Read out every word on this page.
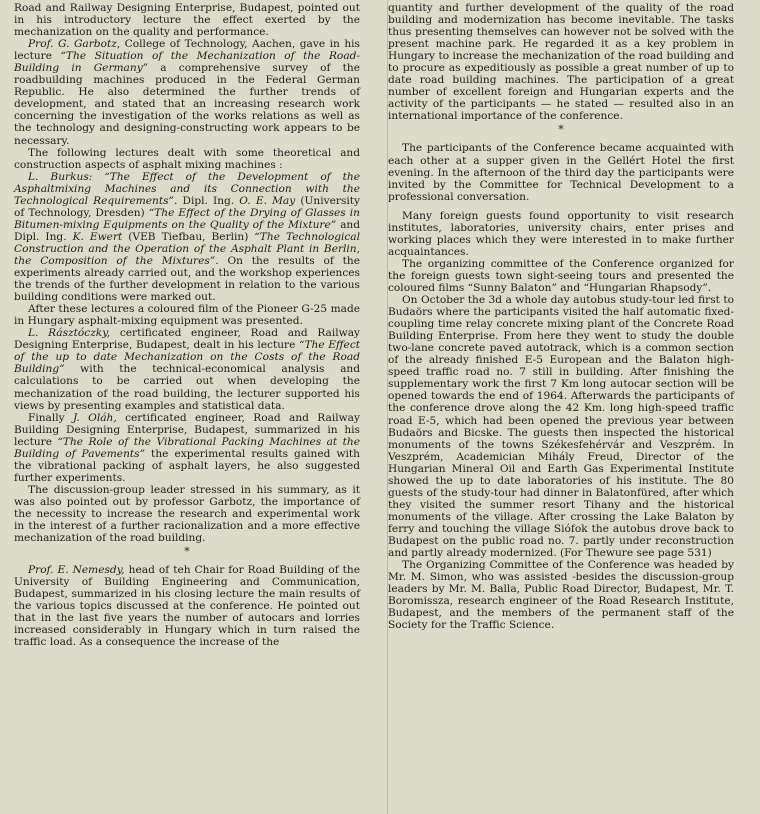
Road and Railway Designing Enterprise, Budapest, pointed out in his introductory lecture the effect exerted by the mechanization on the quality and performance.

Prof. G. Garbotz, College of Technology, Aachen, gave in his lecture “The Situation of the Mechanization of the Road-Building in Germany” a comprehensive survey of the roadbuilding machines produced in the Federal German Republic. He also determined the further trends of development, and stated that an increasing research work concerning the investigation of the works relations as well as the technology and designing-constructing work appears to be necessary.

The following lectures dealt with some theoretical and construction aspects of asphalt mixing machines :

L. Burkus: “The Effect of the Development of the Asphaltmixing Machines and its Connection with the Technological Requirements”. Dipl. Ing. O. E. May (University of Technology, Dresden) “The Effect of the Drying of Glasses in Bitumen-mixing Equipments on the Quality of the Mixture” and Dipl. Ing. K. Ewert (VEB Tiefbau, Berlin) “The Technological Construction and the Operation of the Asphalt Plant in Berlin, the Composition of the Mixtures”. On the results of the experiments already carried out, and the workshop experiences the trends of the further development in relation to the various building conditions were marked out.

After these lectures a coloured film of the Pioneer G-25 made in Hungary asphalt-mixing equipment was presented.

L. Rásztóczky, certificated engineer, Road and Railway Designing Enterprise, Budapest, dealt in his lecture “The Effect of the up to date Mechanization on the Costs of the Road Building” with the technical-economical analysis and calculations to be carried out when developing the mechanization of the road building, the lecturer supported his views by presenting examples and statistical data.

Finally J. Oláh, certificated engineer, Road and Railway Building Designing Enterprise, Budapest, summarized in his lecture “The Role of the Vibrational Packing Machines at the Building of Pavements” the experimental results gained with the vibrational packing of asphalt layers, he also suggested further experiments.

The discussion-group leader stressed in his summary, as it was also pointed out by professor Garbotz, the importance of the necessity to increase the research and experimental work in the interest of a further racionalization and a more effective mechanization of the road building.

*

Prof. E. Nemesdy, head of teh Chair for Road Building of the University of Building Engineering and Communication, Budapest, summarized in his closing lecture the main results of the various topics discussed at the conference. He pointed out that in the last five years the number of autocars and lorries increased considerably in Hungary which in turn raised the traffic load. As a consequence the increase of the

quantity and further development of the quality of the road building and modernization has become inevitable. The tasks thus presenting themselves can however not be solved with the present machine park. He regarded it as a key problem in Hungary to increase the mechanization of the road building and to procure as expeditiously as possible a great number of up to date road building machines. The participation of a great number of excellent foreign and Hungarian experts and the activity of the participants — he stated — resulted also in an international importance of the conference.

*

The participants of the Conference became acquainted with each other at a supper given in the Gellért Hotel the first evening. In the afternoon of the third day the participants were invited by the Committee for Technical Development to a professional conversation.

Many foreign guests found opportunity to visit research institutes, laboratories, university chairs, enter prises and working places which they were interested in to make further acquaintances.

The organizing committee of the Conference organized for the foreign guests town sight-seeing tours and presented the coloured films “Sunny Balaton” and “Hungarian Rhapsody”.

On October the 3d a whole day autobus study-tour led first to Budaörs where the participants visited the half automatic fixed-coupling time relay concrete mixing plant of the Concrete Road Building Enterprise. From here they went to study the double two-lane concrete paved autotrack, which is a common section of the already finished E-5 European and the Balaton high-speed traffic road no. 7 still in building. After finishing the supplementary work the first 7 Km long autocar section will be opened towards the end of 1964. Afterwards the participants of the conference drove along the 42 Km. long high-speed traffic road E-5, which had been opened the previous year between Budaörs and Bicske. The guests then inspected the historical monuments of the towns Székesfehérvár and Veszprém. In Veszprém, Academician Mihály Freud, Director of the Hungarian Mineral Oil and Earth Gas Experimental Institute showed the up to date laboratories of his institute. The 80 guests of the study-tour had dinner in Balatonfüred, after which they visited the summer resort Tihany and the historical monuments of the village. After crossing the Lake Balaton by ferry and touching the village Siófok the autobus drove back to Budapest on the public road no. 7. partly under reconstruction and partly already modernized. (For Thewure see page 531)

The Organizing Committee of the Conference was headed by Mr. M. Simon, who was assisted -besides the discussion-group leaders by Mr. M. Balla, Public Road Director, Budapest, Mr. T. Boromissza, research engineer of the Road Research Institute, Budapest, and the members of the permanent staff of the Society for the Traffic Science.
